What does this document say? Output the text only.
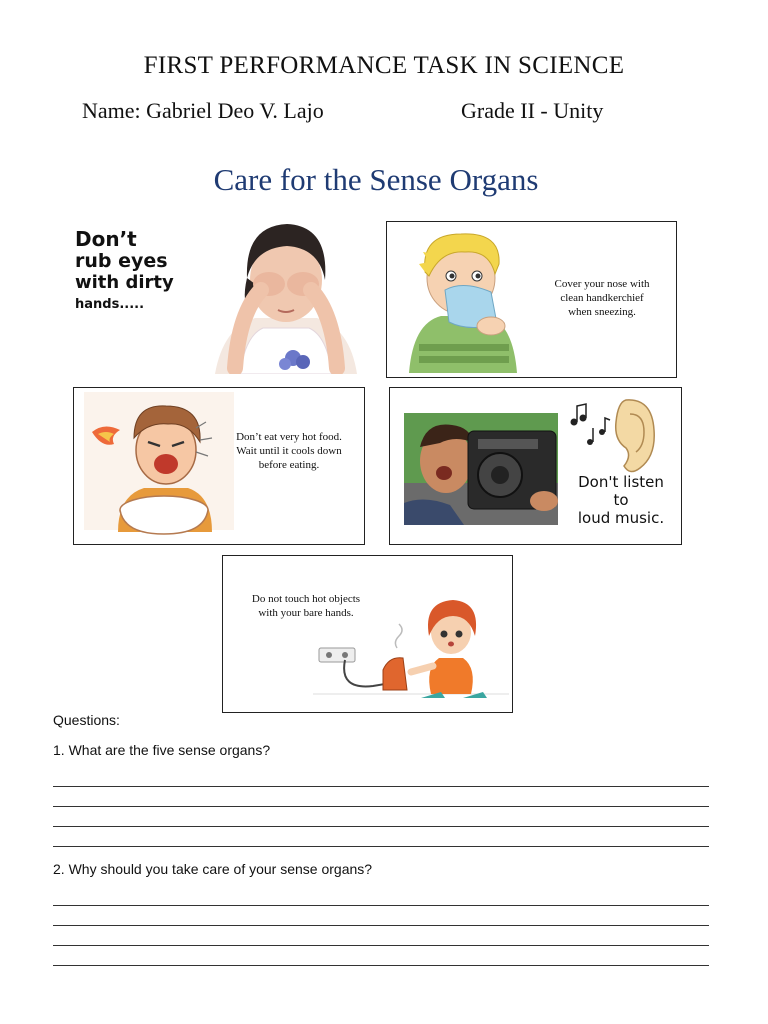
FIRST PERFORMANCE TASK IN SCIENCE
Name: Gabriel Deo V. Lajo	Grade II - Unity
Care for the Sense Organs
Don’t
rub eyes
with dirty
hands.....
Cover your nose with
clean handkerchief
when sneezing.
Don’t eat very hot food.
Wait until it cools down
before eating.
Don't listen
to
loud music.
Do not touch hot objects
with your bare hands.
Questions:
1. What are the five sense organs?
2. Why should you take care of your sense organs?
